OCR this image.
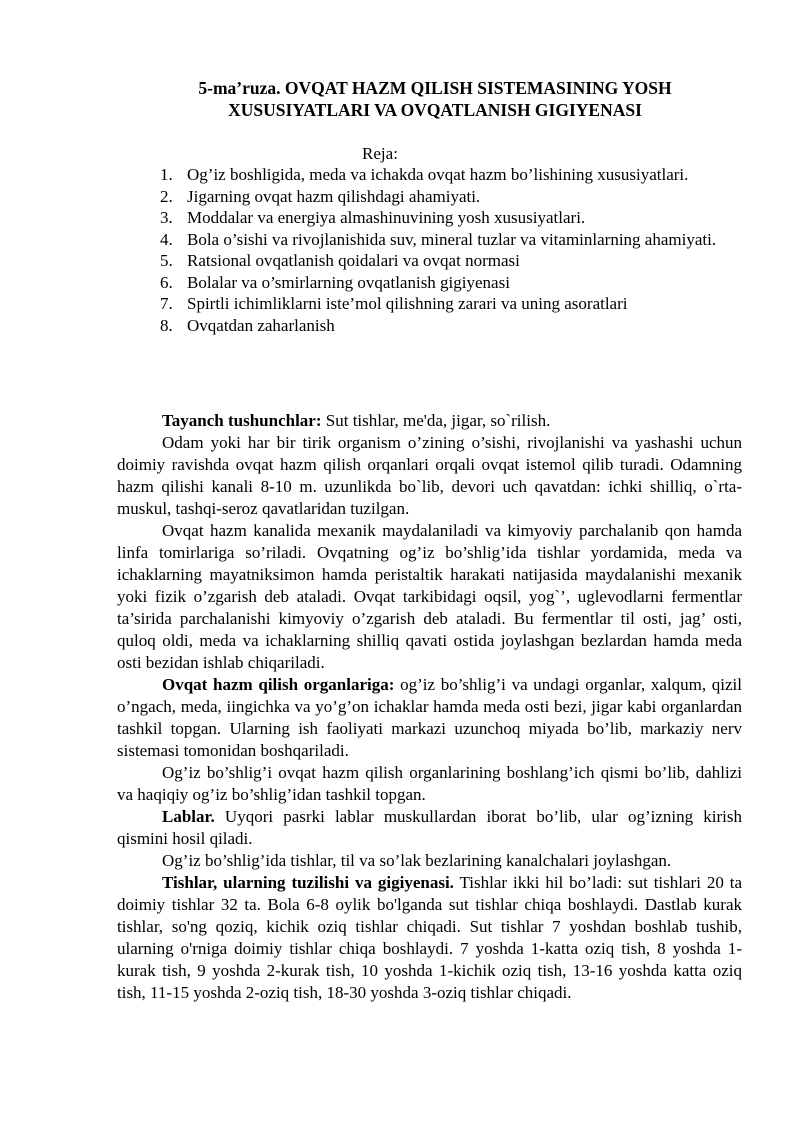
5-ma’ruza. OVQAT HAZM QILISH SISTEMASINING YOSH
XUSUSIYATLARI VA OVQATLANISH GIGIYENASI
Reja:
1. Og’iz boshligida, meda va ichakda ovqat hazm bo’lishining xususiyatlari.
2. Jigarning ovqat hazm qilishdagi ahamiyati.
3. Moddalar va energiya almashinuvining yosh xususiyatlari.
4. Bola o’sishi va rivojlanishida suv, mineral tuzlar va vitaminlarning ahamiyati.
5. Ratsional ovqatlanish qoidalari va ovqat normasi
6. Bolalar va o’smirlarning ovqatlanish gigiyenasi
7. Spirtli ichimliklarni iste’mol qilishning zarari va uning asoratlari
8. Ovqatdan zaharlanish

Tayanch tushunchlar: Sut tishlar, me'da, jigar, so`rilish.

Odam yoki har bir tirik organism o’zining o’sishi, rivojlanishi va yashashi uchun doimiy ravishda ovqat hazm qilish orqanlari orqali ovqat istemol qilib turadi. Odamning hazm qilishi kanali 8-10 m. uzunlikda bo`lib, devori uch qavatdan: ichki shilliq, o`rta-muskul, tashqi-seroz qavatlaridan tuzilgan.

Ovqat hazm kanalida mexanik maydalaniladi va kimyoviy parchalanib qon hamda linfa tomirlariga so’riladi. Ovqatning og’iz bo’shlig’ida tishlar yordamida, meda va ichaklarning mayatniksimon hamda peristaltik harakati natijasida maydalanishi mexanik yoki fizik o’zgarish deb ataladi. Ovqat tarkibidagi oqsil, yog`’, uglevodlarni fermentlar ta’sirida parchalanishi kimyoviy o’zgarish deb ataladi. Bu fermentlar til osti, jag’ osti, quloq oldi, meda va ichaklarning shilliq qavati ostida joylashgan bezlardan hamda meda osti bezidan ishlab chiqariladi.

Ovqat hazm qilish organlariga: og’iz bo’shlig’i va undagi organlar, xalqum, qizil o’ngach, meda, iingichka va yo’g’on ichaklar hamda meda osti bezi, jigar kabi organlardan tashkil topgan. Ularning ish faoliyati markazi uzunchoq miyada bo’lib, markaziy nerv sistemasi tomonidan boshqariladi.

Og’iz bo’shlig’i ovqat hazm qilish organlarining boshlang’ich qismi bo’lib, dahlizi va haqiqiy og’iz bo’shlig’idan tashkil topgan.

Lablar. Uyqori pasrki lablar muskullardan iborat bo’lib, ular og’izning kirish qismini hosil qiladi.

Og’iz bo’shlig’ida tishlar, til va so’lak bezlarining kanalchalari joylashgan.

Tishlar, ularning tuzilishi va gigiyenasi. Tishlar ikki hil bo’ladi: sut tishlari 20 ta doimiy tishlar 32 ta. Bola 6-8 oylik bo'lganda sut tishlar chiqa boshlaydi. Dastlab kurak tishlar, so'ng qoziq, kichik oziq tishlar chiqadi. Sut tishlar 7 yoshdan boshlab tushib, ularning o'rniga doimiy tishlar chiqa boshlaydi. 7 yoshda 1-katta oziq tish, 8 yoshda 1-kurak tish, 9 yoshda 2-kurak tish, 10 yoshda 1-kichik oziq tish, 13-16 yoshda katta oziq tish, 11-15 yoshda 2-oziq tish, 18-30 yoshda 3-oziq tishlar chiqadi.
